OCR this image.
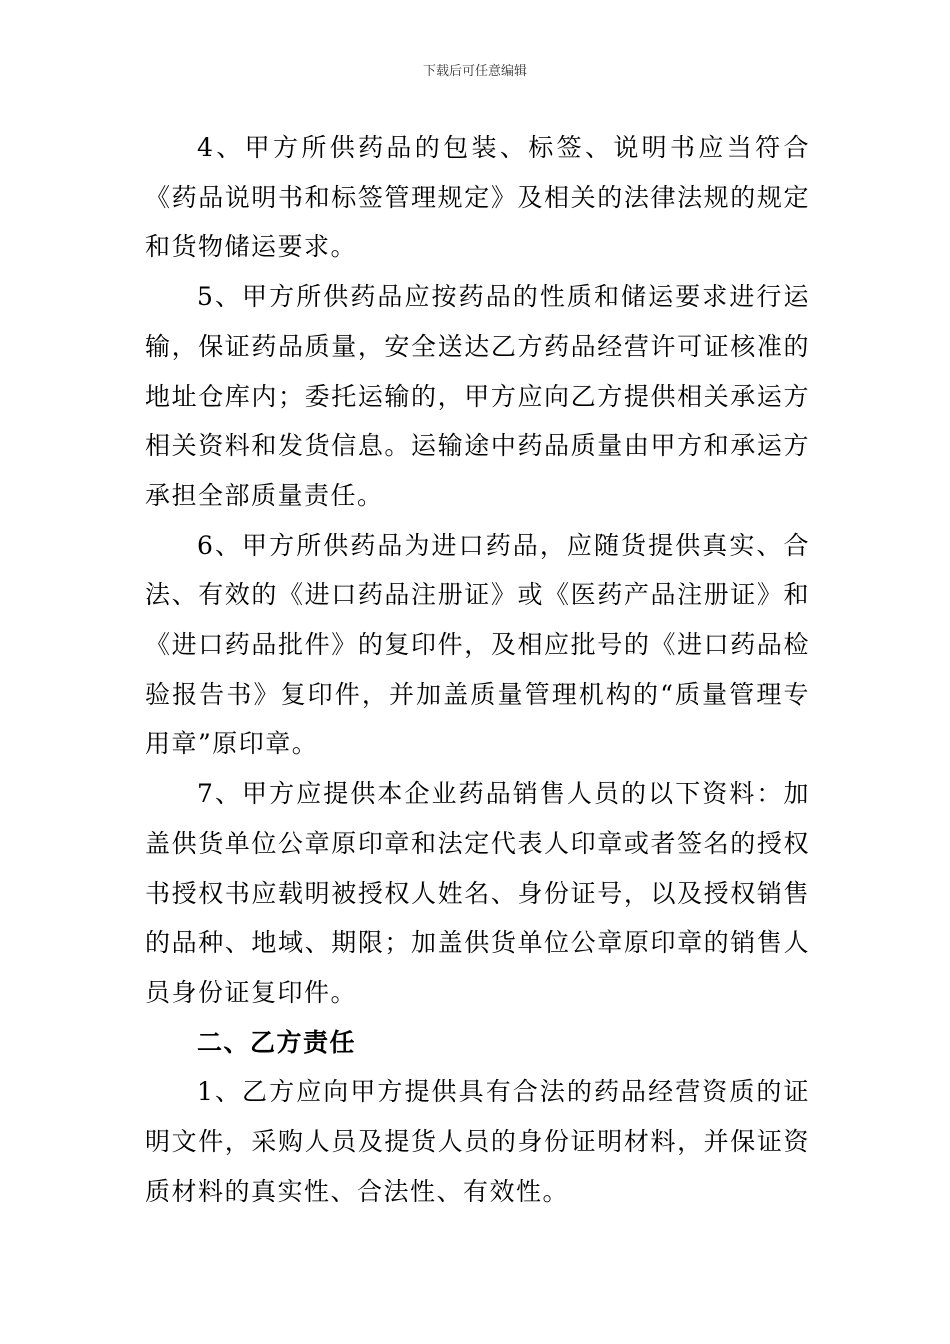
下载后可任意编辑

4、甲方所供药品的包装、标签、说明书应当符合《药品说明书和标签管理规定》及相关的法律法规的规定和货物储运要求。

5、甲方所供药品应按药品的性质和储运要求进行运输，保证药品质量，安全送达乙方药品经营许可证核准的地址仓库内；委托运输的，甲方应向乙方提供相关承运方相关资料和发货信息。运输途中药品质量由甲方和承运方承担全部质量责任。

6、甲方所供药品为进口药品，应随货提供真实、合法、有效的《进口药品注册证》或《医药产品注册证》和《进口药品批件》的复印件，及相应批号的《进口药品检验报告书》复印件，并加盖质量管理机构的“质量管理专用章”原印章。

7、甲方应提供本企业药品销售人员的以下资料：加盖供货单位公章原印章和法定代表人印章或者签名的授权书授权书应载明被授权人姓名、身份证号，以及授权销售的品种、地域、期限；加盖供货单位公章原印章的销售人员身份证复印件。

二、乙方责任

1、乙方应向甲方提供具有合法的药品经营资质的证明文件，采购人员及提货人员的身份证明材料，并保证资质材料的真实性、合法性、有效性。
